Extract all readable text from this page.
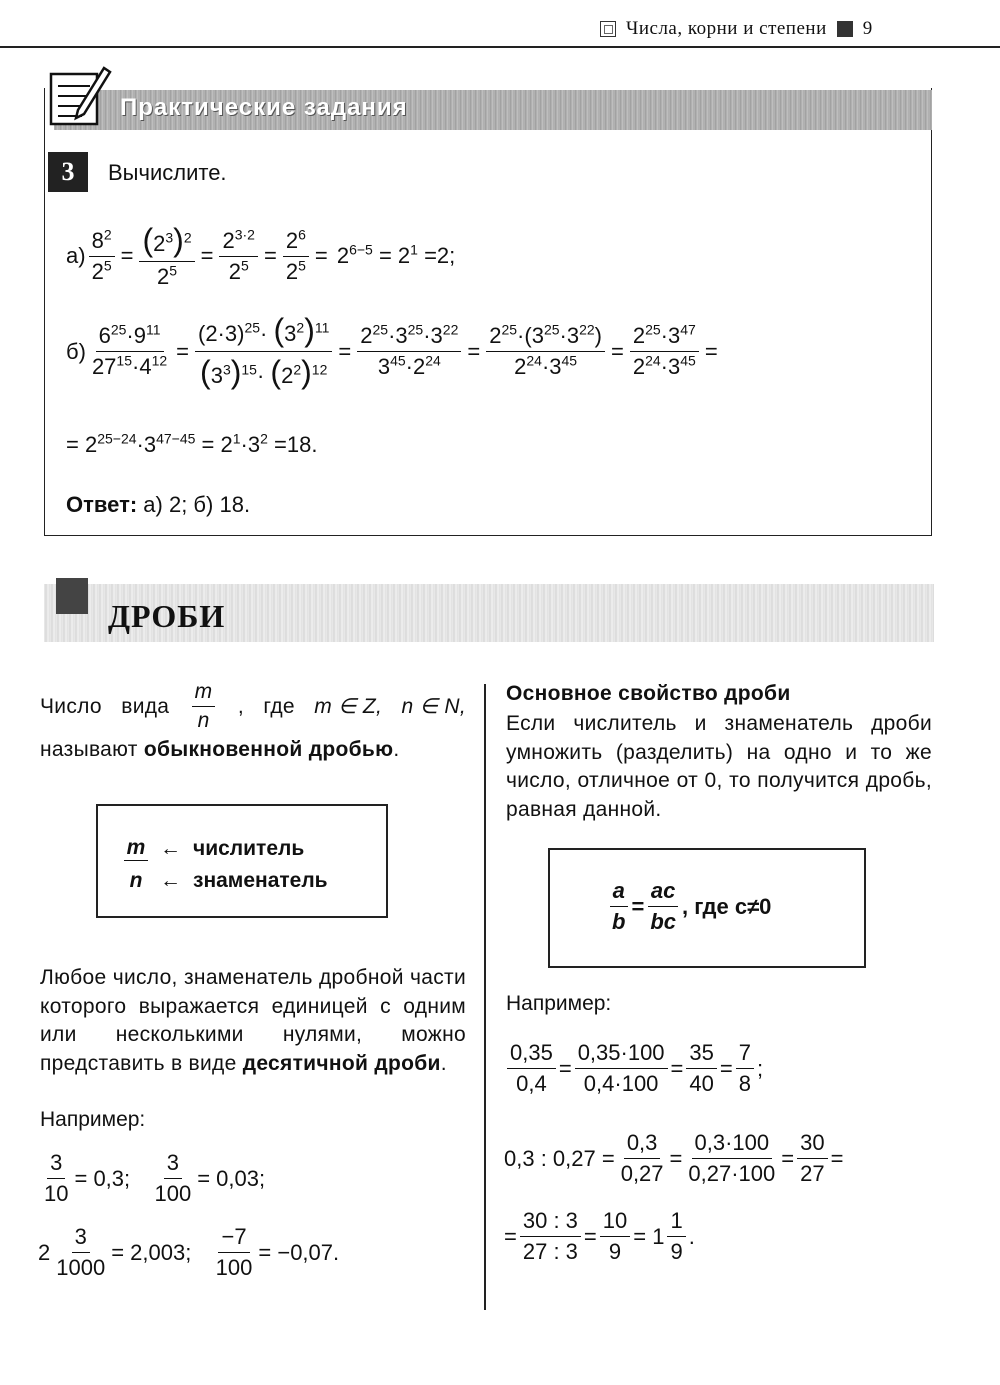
Числа, корни и степени 9
Практические задания
3	Вычислите.
$а) \frac{8^2}{2^5} = \frac{(2^3)^2}{2^5} = \frac{2^{3\cdot 2}}{2^5} = \frac{2^6}{2^5} = 2^{6-5} = 2^1 = 2$ ;
$б) \frac{6^{25}\cdot 9^{11}}{27^{15}\cdot 4^{12}} = \frac{(2\cdot 3)^{25}\cdot (3^2)^{11}}{(3^3)^{15}\cdot (2^2)^{12}} = \frac{2^{25}\cdot 3^{25}\cdot 3^{22}}{3^{45}\cdot 2^{24}} = \frac{2^{25}\cdot(3^{25}\cdot 3^{22})}{2^{24}\cdot 3^{45}} = \frac{2^{25}\cdot 3^{47}}{2^{24}\cdot 3^{45}}$ =
= $2^{25-24}\cdot 3^{47-45} = 2^1\cdot 3^2 = 18$ .
Ответ: а) 2; б) 18.
ДРОБИ
Число вида $\frac{m}{n}$ , где m ∈ Z, n ∈ N,
называют обыкновенной дробью.
m ← числитель
n ← знаменатель
Любое число, знаменатель дробной части которого выражается единицей с одним или несколькими нулями, можно представить в виде десятичной дроби.
Например:
$\frac{3}{10} = 0,3$; $\frac{3}{100} = 0,03$;
$2 \frac{3}{1000} = 2,003$; $\frac{-7}{100} = -0,07$.
Основное свойство дроби
Если числитель и знаменатель дроби умножить (разделить) на одно и то же число, отличное от 0, то получится дробь, равная данной.
$\frac{a}{b} = \frac{ac}{bc}$ , где c≠0
Например:
$\frac{0,35}{0,4} = \frac{0,35\cdot 100}{0,4\cdot 100} = \frac{35}{40} = \frac{7}{8}$ ;
0,3 : $0,27 = \frac{0,3}{0,27} = \frac{0,3\cdot 100}{0,27\cdot 100} = \frac{30}{27}$ =
= $\frac{30 : 3}{27 : 3} = \frac{10}{9} = 1 \frac{1}{9}$ .
